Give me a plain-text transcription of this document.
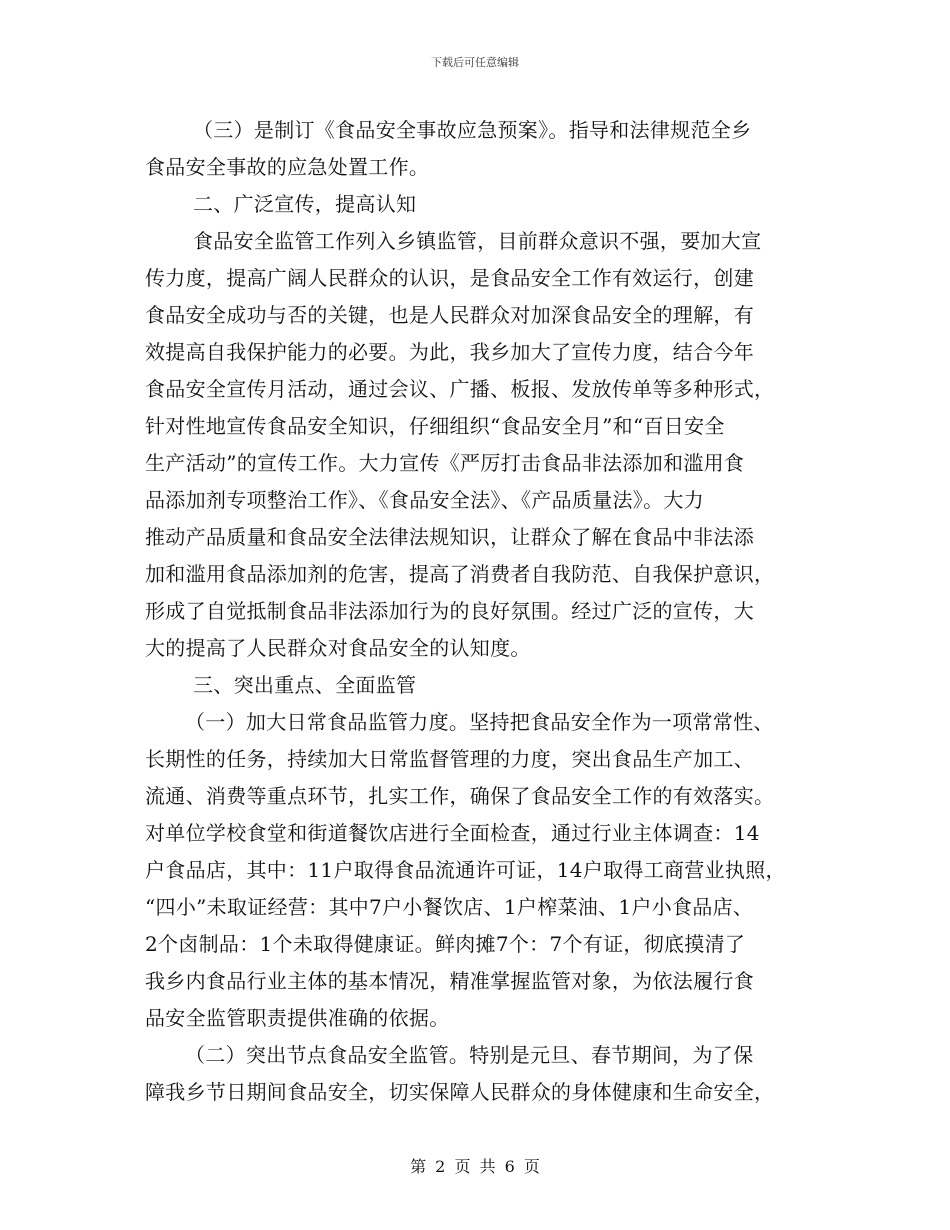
下载后可任意编辑
（三）是制订《食品安全事故应急预案》。指导和法律规范全乡
食品安全事故的应急处置工作。
二、广泛宣传，提高认知
食品安全监管工作列入乡镇监管，目前群众意识不强，要加大宣
传力度，提高广阔人民群众的认识，是食品安全工作有效运行，创建
食品安全成功与否的关键，也是人民群众对加深食品安全的理解，有
效提高自我保护能力的必要。为此，我乡加大了宣传力度，结合今年
食品安全宣传月活动，通过会议、广播、板报、发放传单等多种形式，
针对性地宣传食品安全知识，仔细组织“食品安全月”和“百日安全
生产活动”的宣传工作。大力宣传《严厉打击食品非法添加和滥用食
品添加剂专项整治工作》、《食品安全法》、《产品质量法》。大力
推动产品质量和食品安全法律法规知识，让群众了解在食品中非法添
加和滥用食品添加剂的危害，提高了消费者自我防范、自我保护意识，
形成了自觉抵制食品非法添加行为的良好氛围。经过广泛的宣传，大
大的提高了人民群众对食品安全的认知度。
三、突出重点、全面监管
（一）加大日常食品监管力度。坚持把食品安全作为一项常常性、
长期性的任务，持续加大日常监督管理的力度，突出食品生产加工、
流通、消费等重点环节，扎实工作，确保了食品安全工作的有效落实。
对单位学校食堂和街道餐饮店进行全面检查，通过行业主体调查：14
户食品店，其中：11户取得食品流通许可证，14户取得工商营业执照，
“四小”未取证经营：其中7户小餐饮店、1户榨菜油、1户小食品店、
2个卤制品：1个未取得健康证。鲜肉摊7个：7个有证，彻底摸清了
我乡内食品行业主体的基本情况，精准掌握监管对象，为依法履行食
品安全监管职责提供准确的依据。
（二）突出节点食品安全监管。特别是元旦、春节期间，为了保
障我乡节日期间食品安全，切实保障人民群众的身体健康和生命安全，
第 2 页 共 6 页
